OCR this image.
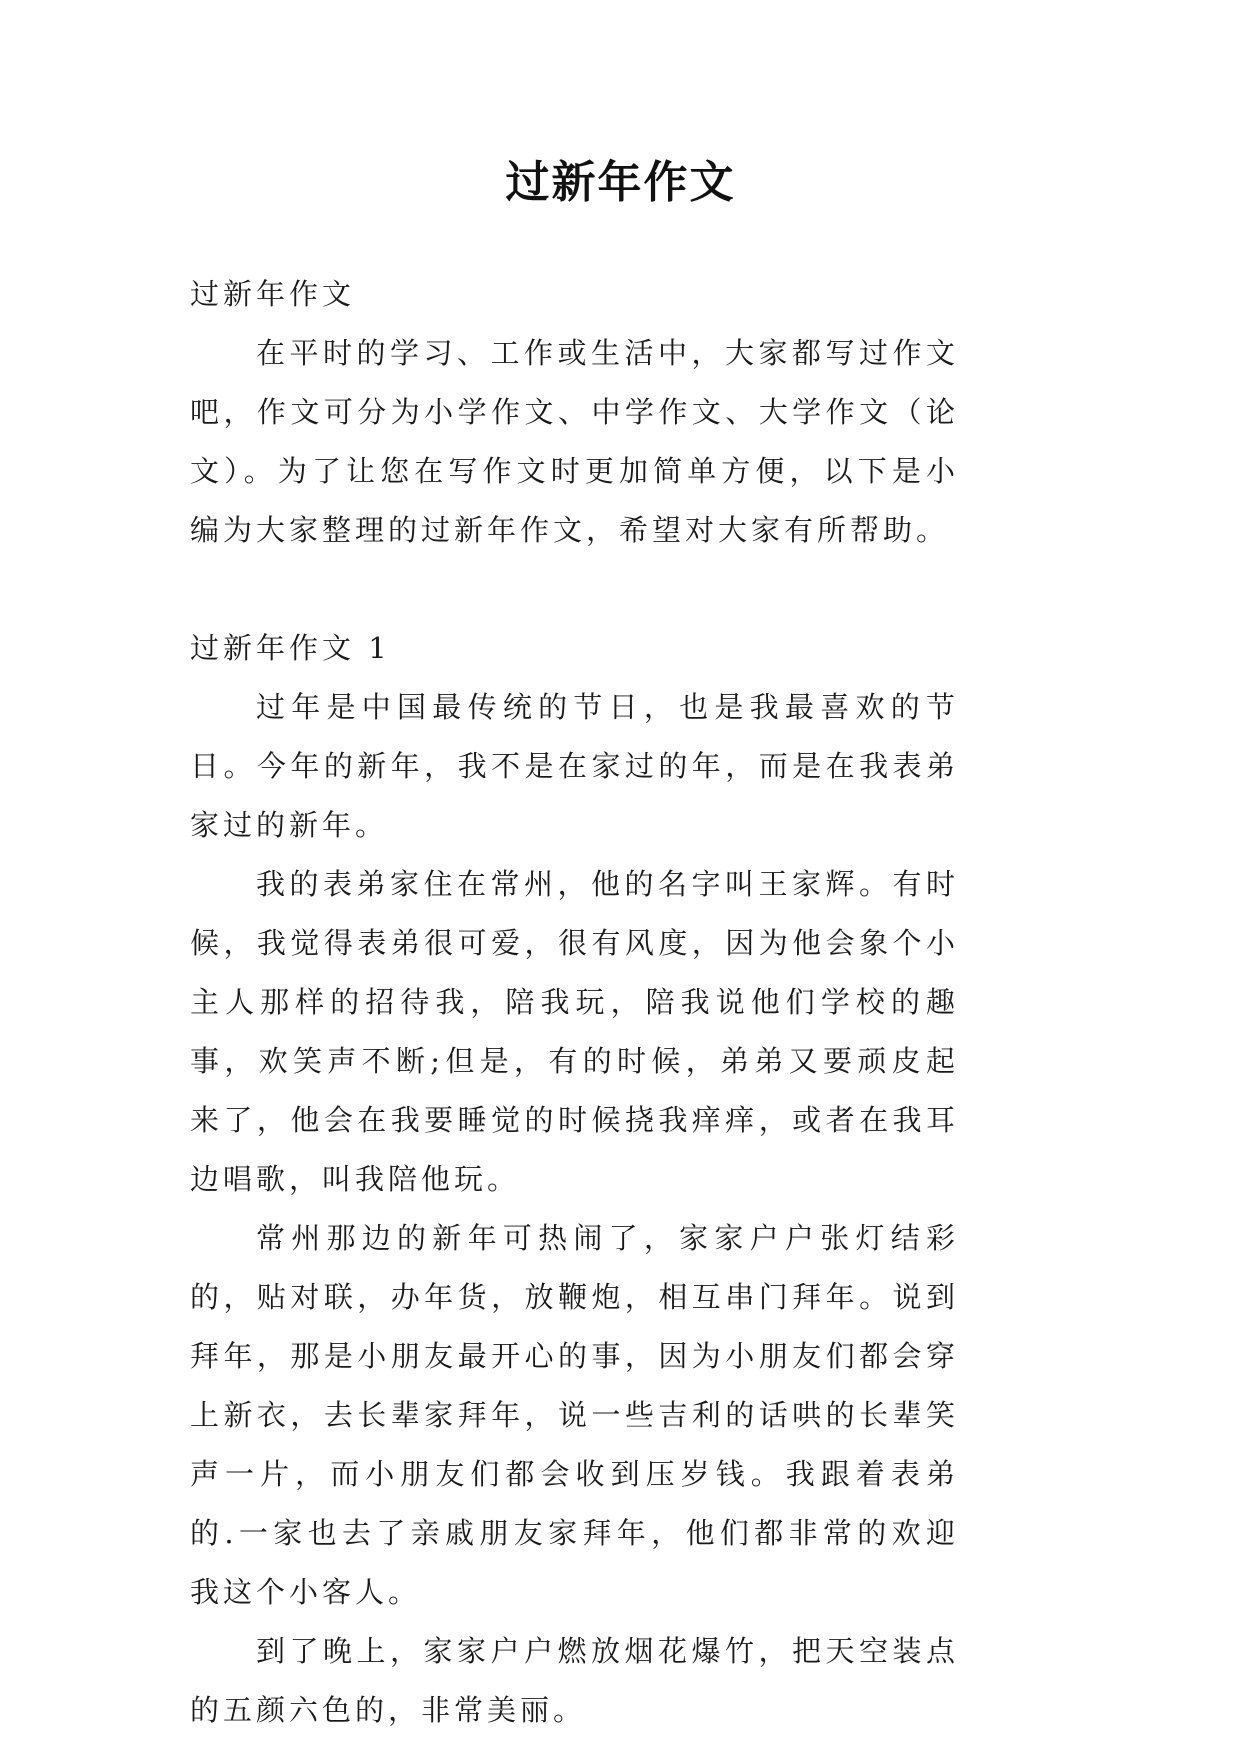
过新年作文

过新年作文

在平时的学习、工作或生活中，大家都写过作文吧，作文可分为小学作文、中学作文、大学作文（论文）。为了让您在写作文时更加简单方便，以下是小编为大家整理的过新年作文，希望对大家有所帮助。

过新年作文 1

过年是中国最传统的节日，也是我最喜欢的节日。今年的新年，我不是在家过的年，而是在我表弟家过的新年。

我的表弟家住在常州，他的名字叫王家辉。有时候，我觉得表弟很可爱，很有风度，因为他会象个小主人那样的招待我，陪我玩，陪我说他们学校的趣事，欢笑声不断;但是，有的时候，弟弟又要顽皮起来了，他会在我要睡觉的时候挠我痒痒，或者在我耳边唱歌，叫我陪他玩。

常州那边的新年可热闹了，家家户户张灯结彩的，贴对联，办年货，放鞭炮，相互串门拜年。说到拜年，那是小朋友最开心的事，因为小朋友们都会穿上新衣，去长辈家拜年，说一些吉利的话哄的长辈笑声一片，而小朋友们都会收到压岁钱。我跟着表弟的.一家也去了亲戚朋友家拜年，他们都非常的欢迎我这个小客人。

到了晚上，家家户户燃放烟花爆竹，把天空装点的五颜六色的，非常美丽。
